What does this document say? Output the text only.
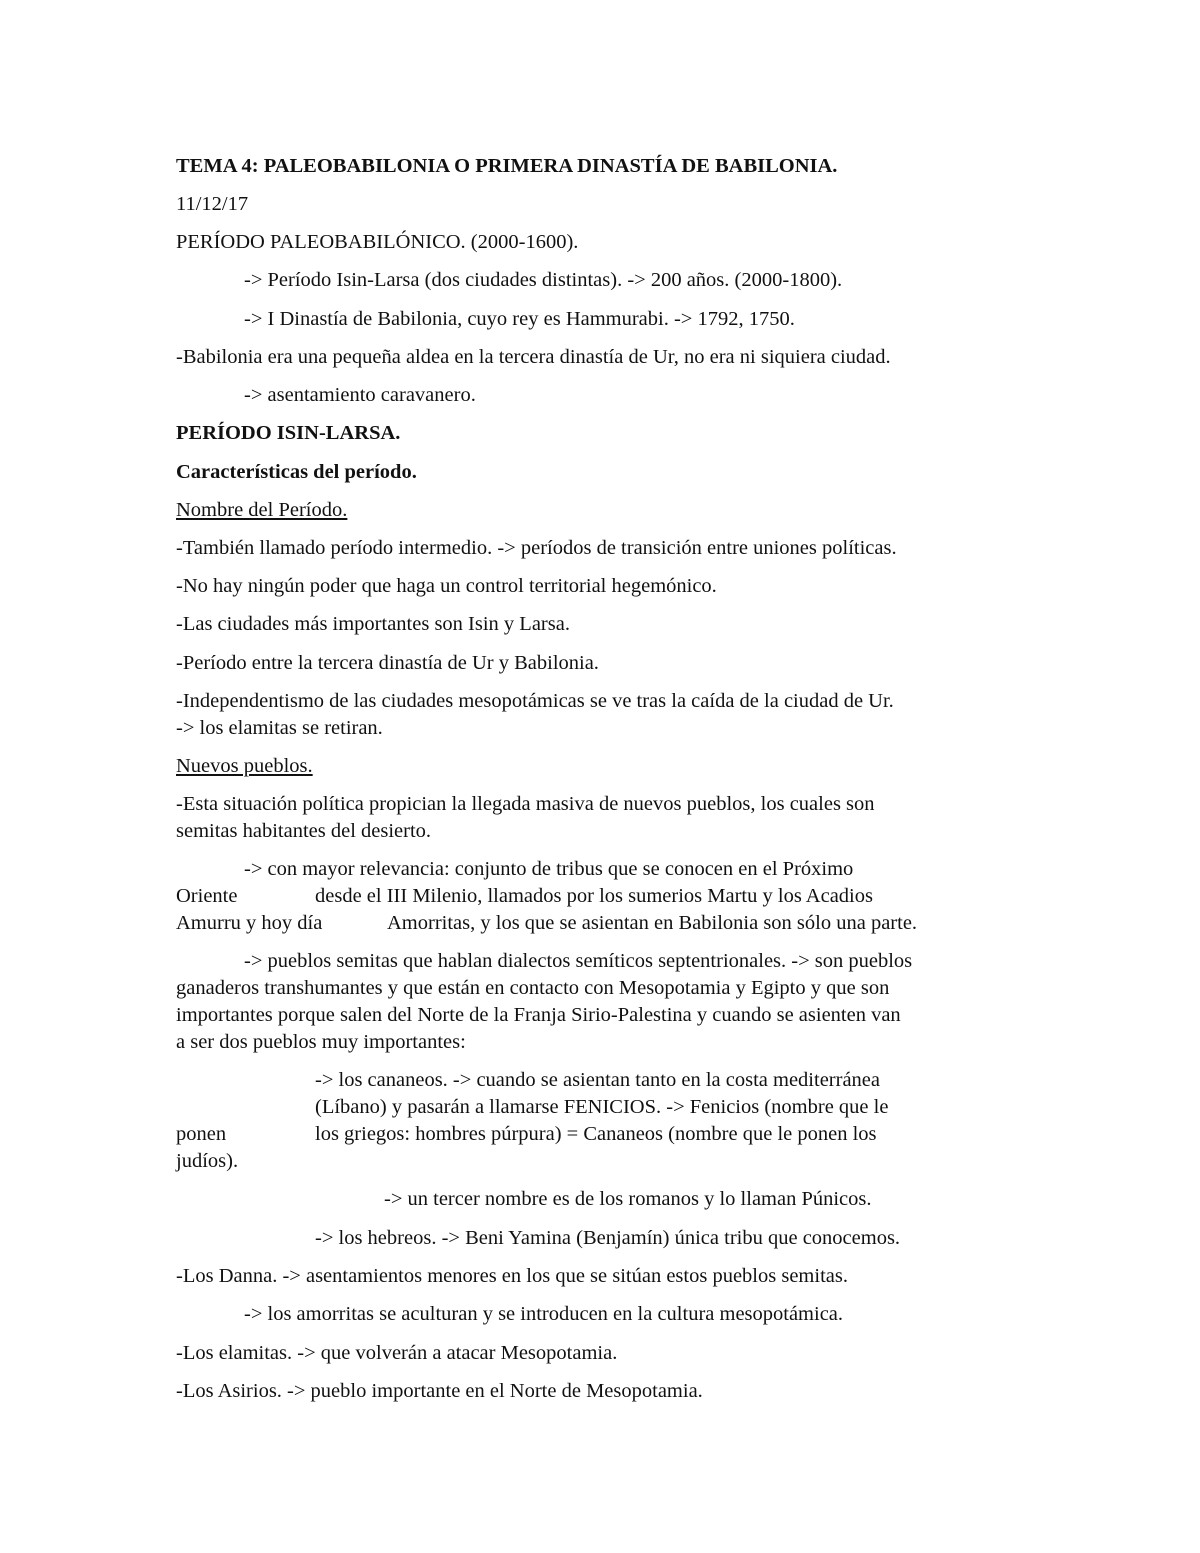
TEMA 4: PALEOBABILONIA O PRIMERA DINASTÍA DE BABILONIA.
11/12/17
PERÍODO PALEOBABILÓNICO. (2000-1600).
-> Período Isin-Larsa (dos ciudades distintas). -> 200 años. (2000-1800).
-> I Dinastía de Babilonia, cuyo rey es Hammurabi. -> 1792, 1750.
-Babilonia era una pequeña aldea en la tercera dinastía de Ur, no era ni siquiera ciudad.
-> asentamiento caravanero.
PERÍODO ISIN-LARSA.
Características del período.
Nombre del Período.
-También llamado período intermedio. -> períodos de transición entre uniones políticas.
-No hay ningún poder que haga un control territorial hegemónico.
-Las ciudades más importantes son Isin y Larsa.
-Período entre la tercera dinastía de Ur y Babilonia.
-Independentismo de las ciudades mesopotámicas se ve tras la caída de la ciudad de Ur.
-> los elamitas se retiran.
Nuevos pueblos.
-Esta situación política propician la llegada masiva de nuevos pueblos, los cuales son
semitas habitantes del desierto.
-> con mayor relevancia: conjunto de tribus que se conocen en el Próximo
Oriente	desde el III Milenio, llamados por los sumerios Martu y los Acadios
Amurru y hoy día	Amorritas, y los que se asientan en Babilonia son sólo una parte.
-> pueblos semitas que hablan dialectos semíticos septentrionales. -> son pueblos
ganaderos transhumantes y que están en contacto con Mesopotamia y Egipto y que son
importantes porque salen del Norte de la Franja Sirio-Palestina y cuando se asienten van
a ser dos pueblos muy importantes:
-> los cananeos. -> cuando se asientan tanto en la costa mediterránea
(Líbano) y pasarán a llamarse FENICIOS. -> Fenicios (nombre que le
ponen	los griegos: hombres púrpura) = Cananeos (nombre que le ponen los
judíos).
-> un tercer nombre es de los romanos y lo llaman Púnicos.
-> los hebreos. -> Beni Yamina (Benjamín) única tribu que conocemos.
-Los Danna. -> asentamientos menores en los que se sitúan estos pueblos semitas.
-> los amorritas se aculturan y se introducen en la cultura mesopotámica.
-Los elamitas. -> que volverán a atacar Mesopotamia.
-Los Asirios. -> pueblo importante en el Norte de Mesopotamia.
